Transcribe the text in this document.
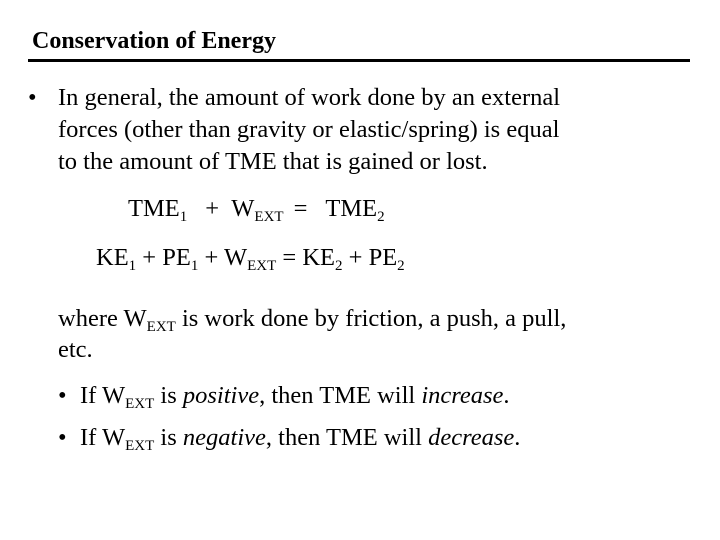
Conservation of Energy
• In general, the amount of work done by an external
forces (other than gravity or elastic/spring) is equal
to the amount of TME that is gained or lost.
$TME_1 + W_{EXT} = TME_2$
$KE_1 + PE_1 + W_{EXT} = KE_2 + PE_2$
where $W_{EXT}$ is work done by friction, a push, a pull,
etc.
• If $W_{EXT}$ is positive, then TME will increase.
• If $W_{EXT}$ is negative, then TME will decrease.
